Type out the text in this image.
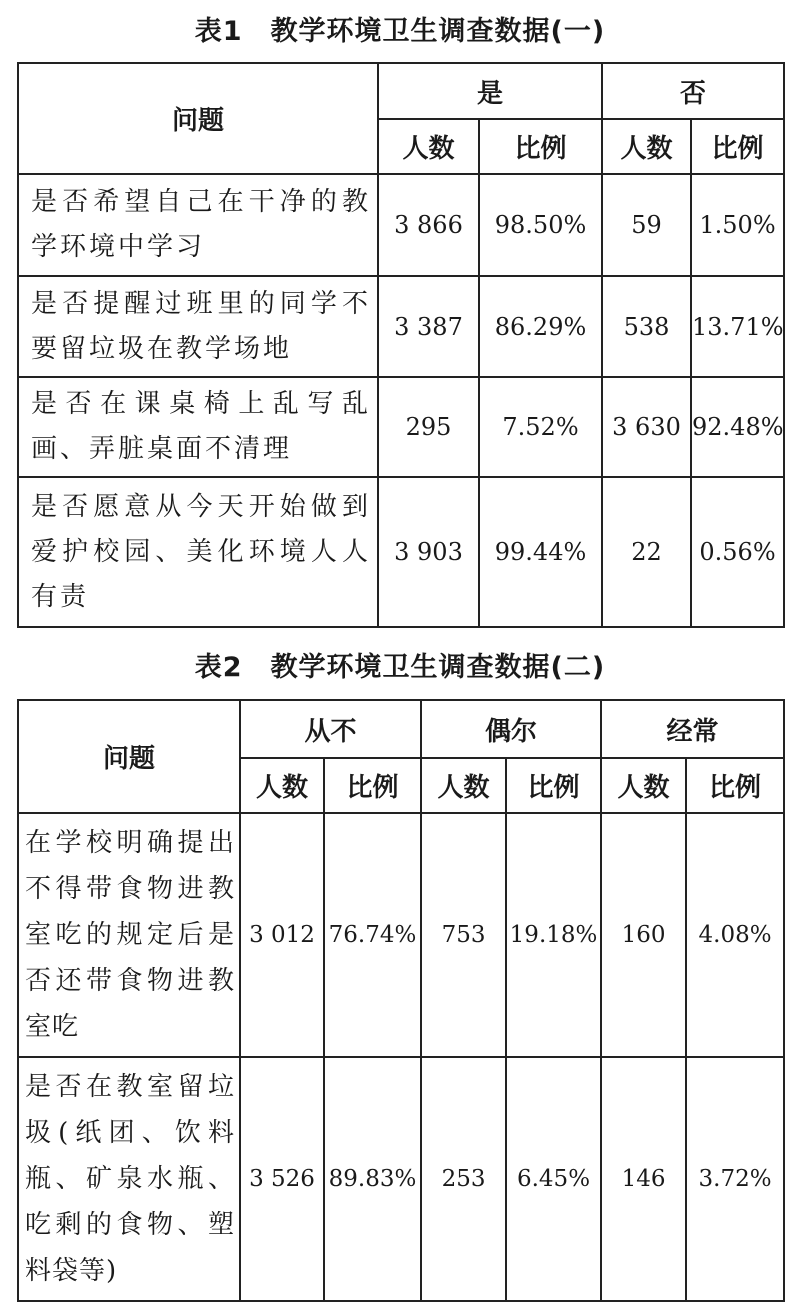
表1　教学环境卫生调查数据(一)
问题	是		否	
	人数	比例	人数	比例
是否希望自己在干净的教学环境中学习	3 866	98.50%	59	1.50%
是否提醒过班里的同学不要留垃圾在教学场地	3 387	86.29%	538	13.71%
是否在课桌椅上乱写乱画、弄脏桌面不清理	295	7.52%	3 630	92.48%
是否愿意从今天开始做到爱护校园、美化环境人人有责	3 903	99.44%	22	0.56%
表2　教学环境卫生调查数据(二)
问题	从不		偶尔		经常	
	人数	比例	人数	比例	人数	比例
在学校明确提出不得带食物进教室吃的规定后是否还带食物进教室吃	3 012	76.74%	753	19.18%	160	4.08%
是否在教室留垃圾(纸团、饮料瓶、矿泉水瓶、吃剩的食物、塑料袋等)	3 526	89.83%	253	6.45%	146	3.72%
